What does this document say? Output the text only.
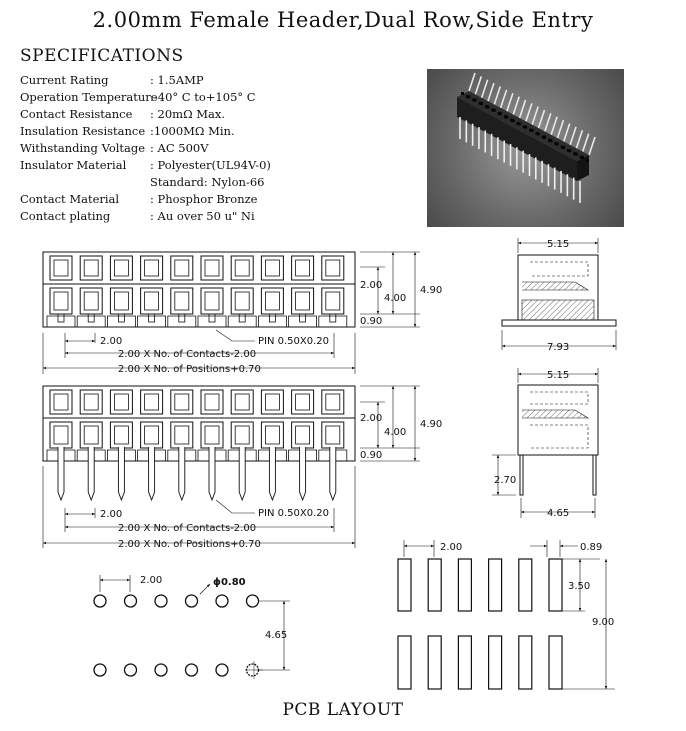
2.00mm Female Header,Dual Row,Side Entry
SPECIFICATIONS
Current Rating	: 1.5AMP
Operation Temperature
:-40° C to+105° C
Contact Resistance	: 20mΩ Max.
Insulation Resistance :1000MΩ Min.
Withstanding Voltage : AC 500V
Insulator Material	: Polyester(UL94V-0)
Standard: Nylon-66
Contact Material	: Phosphor Bronze
Contact plating	: Au over 50 u" Ni
2.00
2.00
4.00
4.90
0.90
PIN 0.50X0.20
2.00 X No. of Contacts-2.00
2.00 X No. of Positions+0.70
5.15
7.93
2.00
2.00
4.00
4.90
0.90
PIN 0.50X0.20
2.00 X No. of Contacts-2.00
2.00 X No. of Positions+0.70
5.15
2.70
4.65
2.00	ɸ0.80
4.65
2.00	0.89
3.50
9.00
PCB LAYOUT
